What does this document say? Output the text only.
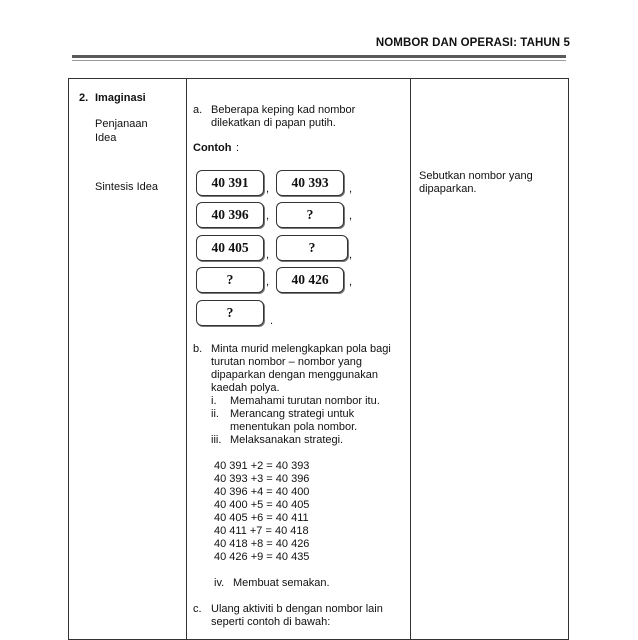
NOMBOR DAN OPERASI: TAHUN 5
2. Imaginasi
Penjanaan
Idea
Sintesis Idea
a. Beberapa keping kad nombor
dilekatkan di papan putih.
Contoh :
40 391	,	40 393	,
40 396	,	?	,
40 405	,	?	,
?	,	40 426	,
?
.
b. Minta murid melengkapkan pola bagi
turutan nombor – nombor yang
dipaparkan dengan menggunakan
kaedah polya.
i. Memahami turutan nombor itu.
ii. Merancang strategi untuk
menentukan pola nombor.
iii. Melaksanakan strategi.
40 391 +2 = 40 393
40 393 +3 = 40 396
40 396 +4 = 40 400
40 400 +5 = 40 405
40 405 +6 = 40 411
40 411 +7 = 40 418
40 418 +8 = 40 426
40 426 +9 = 40 435
iv. Membuat semakan.
c. Ulang aktiviti b dengan nombor lain
seperti contoh di bawah:
Sebutkan nombor yang
dipaparkan.
